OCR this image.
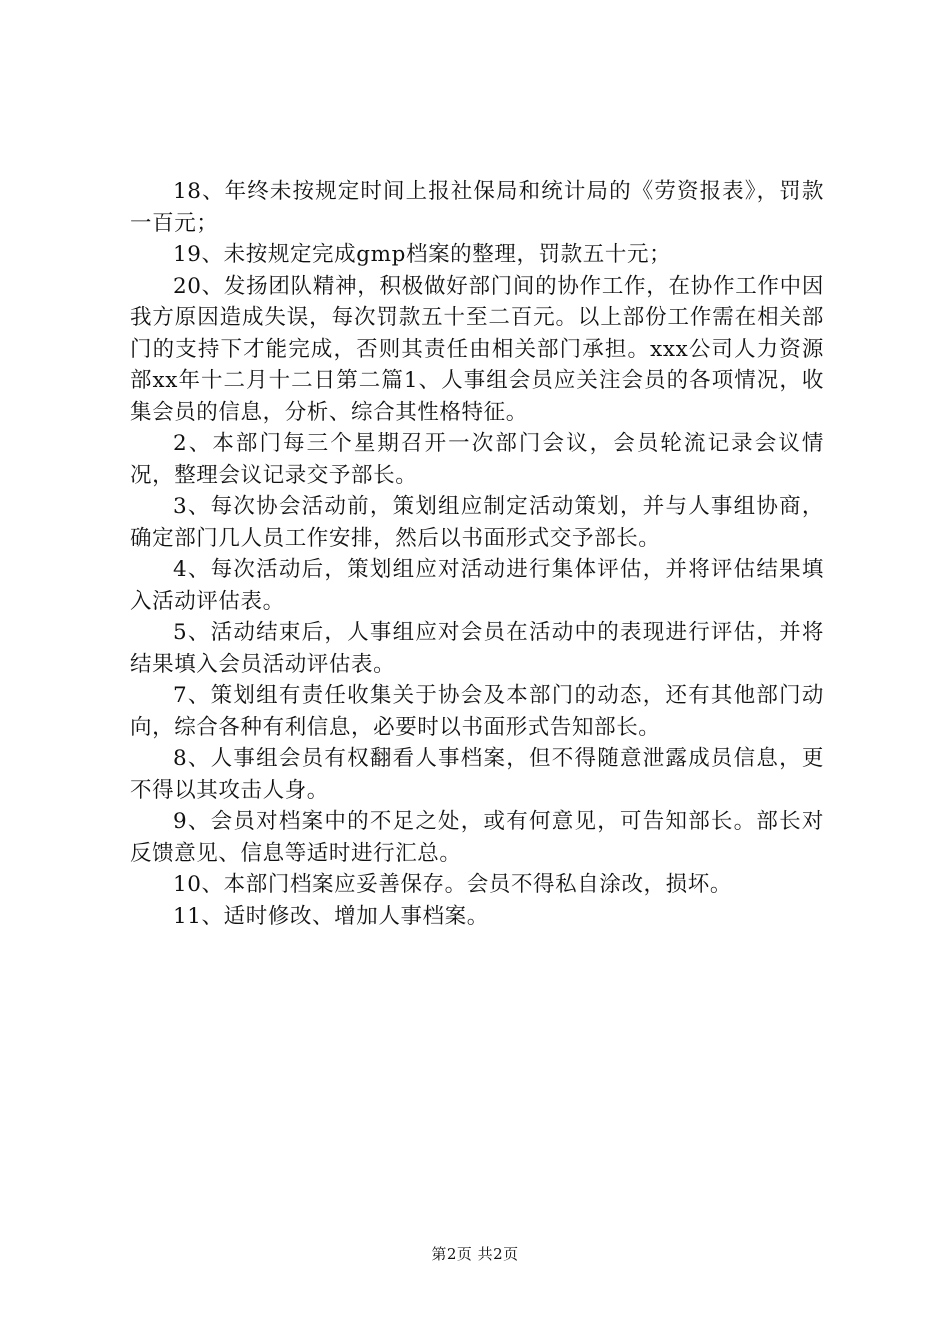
18、年终未按规定时间上报社保局和统计局的《劳资报表》，罚款一百元；

19、未按规定完成gmp档案的整理，罚款五十元；

20、发扬团队精神，积极做好部门间的协作工作，在协作工作中因我方原因造成失误，每次罚款五十至二百元。以上部份工作需在相关部门的支持下才能完成，否则其责任由相关部门承担。xxx公司人力资源部xx年十二月十二日第二篇1、人事组会员应关注会员的各项情况，收集会员的信息，分析、综合其性格特征。

2、本部门每三个星期召开一次部门会议，会员轮流记录会议情况，整理会议记录交予部长。

3、每次协会活动前，策划组应制定活动策划，并与人事组协商，确定部门几人员工作安排，然后以书面形式交予部长。

4、每次活动后，策划组应对活动进行集体评估，并将评估结果填入活动评估表。

5、活动结束后，人事组应对会员在活动中的表现进行评估，并将结果填入会员活动评估表。

7、策划组有责任收集关于协会及本部门的动态，还有其他部门动向，综合各种有利信息，必要时以书面形式告知部长。

8、人事组会员有权翻看人事档案，但不得随意泄露成员信息，更不得以其攻击人身。

9、会员对档案中的不足之处，或有何意见，可告知部长。部长对反馈意见、信息等适时进行汇总。

10、本部门档案应妥善保存。会员不得私自涂改，损坏。

11、适时修改、增加人事档案。

第2页 共2页
